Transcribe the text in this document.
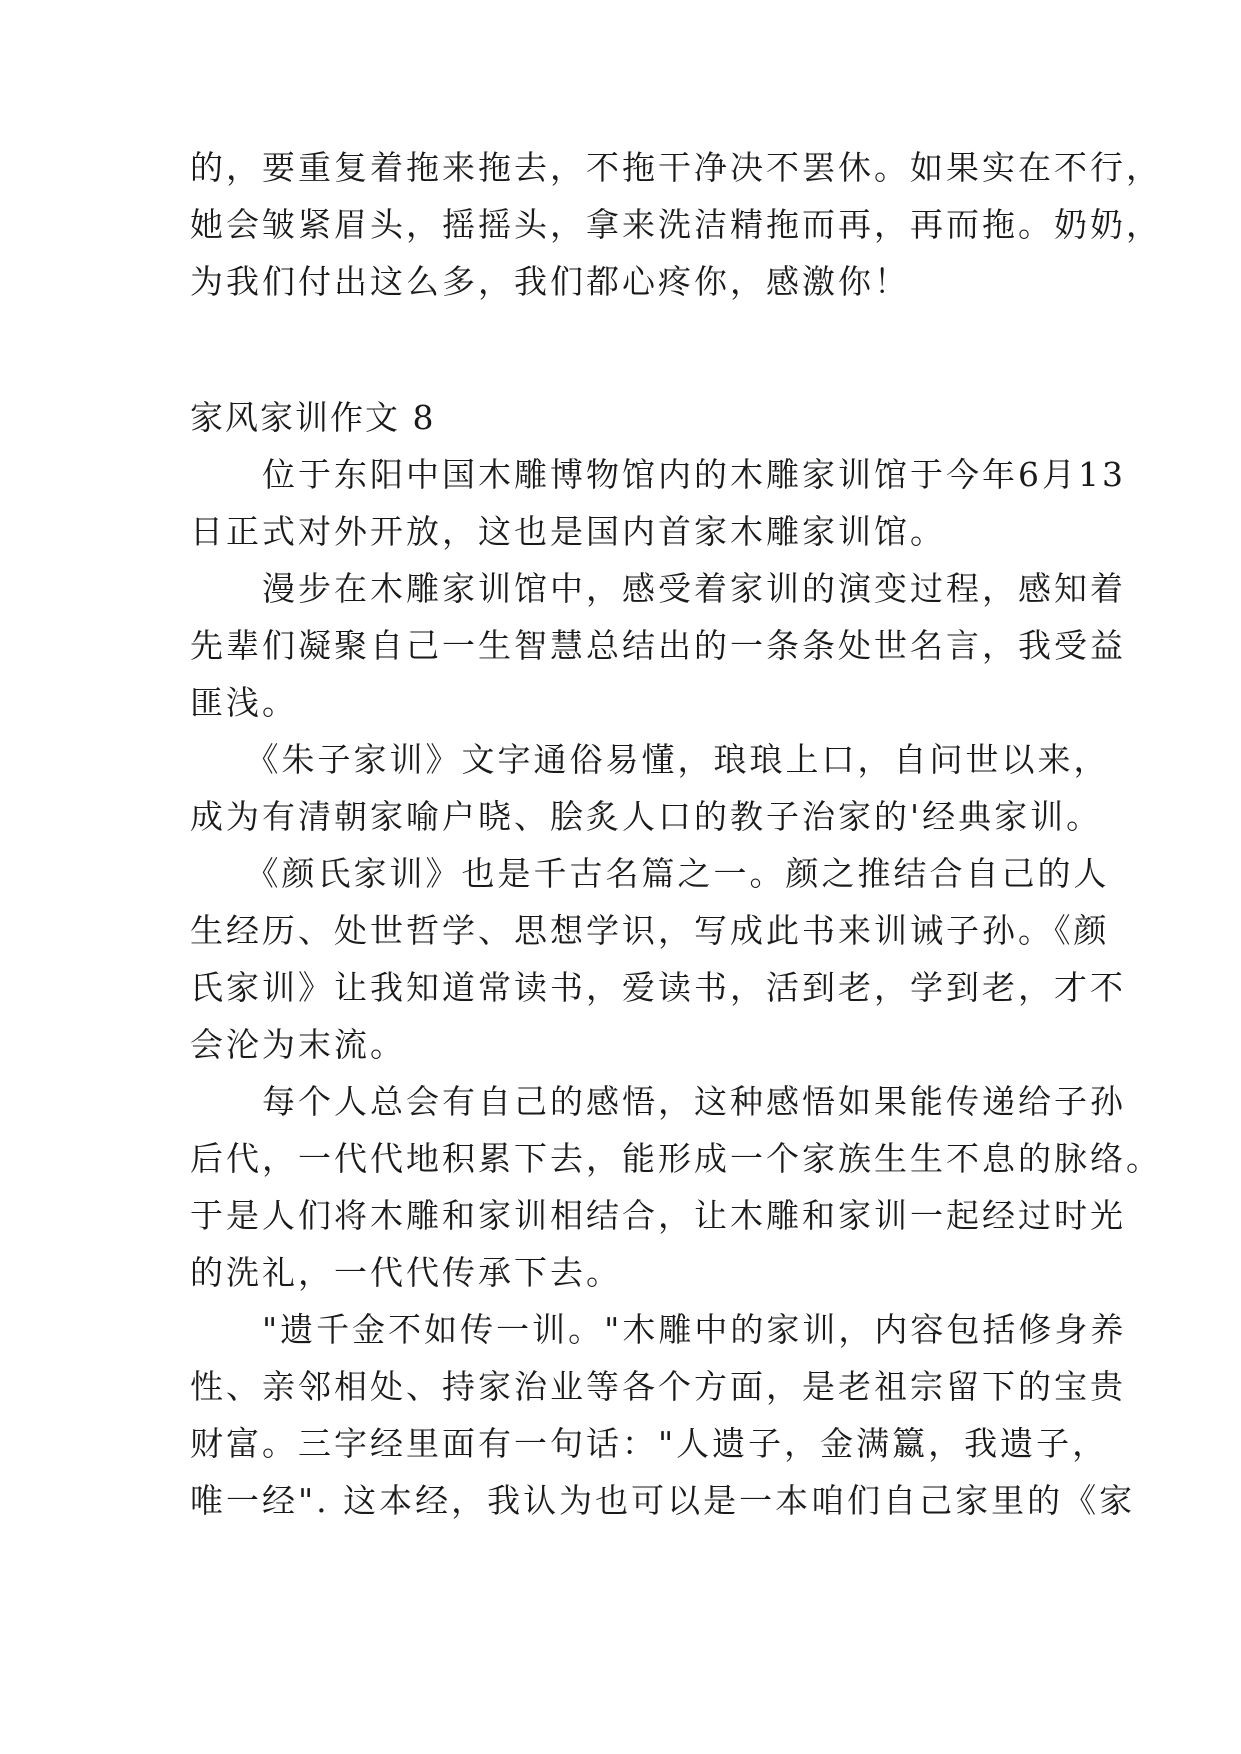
的，要重复着拖来拖去，不拖干净决不罢休。如果实在不行，
她会皱紧眉头，摇摇头，拿来洗洁精拖而再，再而拖。奶奶，
为我们付出这么多，我们都心疼你，感激你！
家风家训作文 8
　　位于东阳中国木雕博物馆内的木雕家训馆于今年6月13
日正式对外开放，这也是国内首家木雕家训馆。
　　漫步在木雕家训馆中，感受着家训的演变过程，感知着
先辈们凝聚自己一生智慧总结出的一条条处世名言，我受益
匪浅。
　　《朱子家训》文字通俗易懂，琅琅上口，自问世以来，
成为有清朝家喻户晓、脍炙人口的教子治家的'经典家训。
　　《颜氏家训》也是千古名篇之一。颜之推结合自己的人
生经历、处世哲学、思想学识，写成此书来训诫子孙。《颜
氏家训》让我知道常读书，爱读书，活到老，学到老，才不
会沦为末流。
　　每个人总会有自己的感悟，这种感悟如果能传递给子孙
后代，一代代地积累下去，能形成一个家族生生不息的脉络。
于是人们将木雕和家训相结合，让木雕和家训一起经过时光
的洗礼，一代代传承下去。
　　"遗千金不如传一训。"木雕中的家训，内容包括修身养
性、亲邻相处、持家治业等各个方面，是老祖宗留下的宝贵
财富。三字经里面有一句话："人遗子，金满籝，我遗子，
唯一经". 这本经，我认为也可以是一本咱们自己家里的《家
